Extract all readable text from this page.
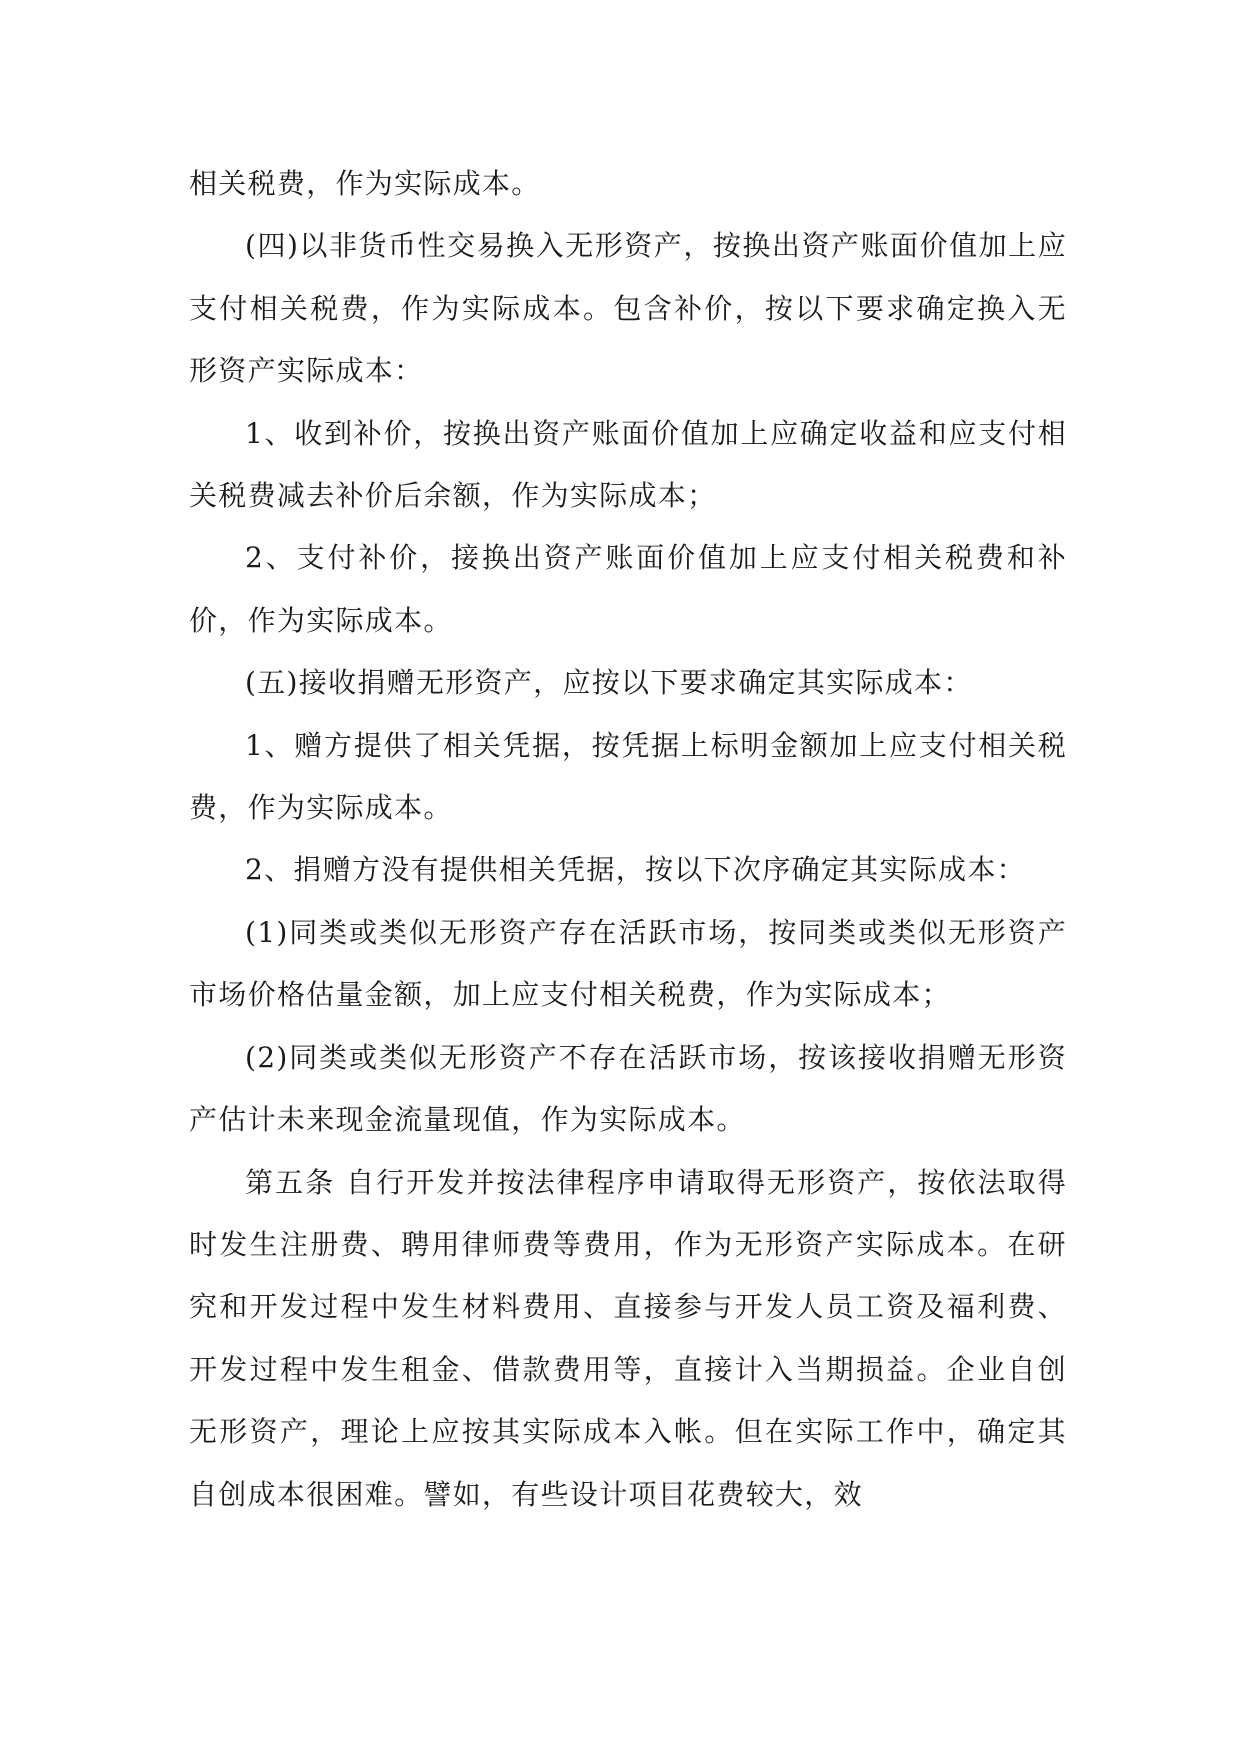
相关税费，作为实际成本。

(四)以非货币性交易换入无形资产，按换出资产账面价值加上应支付相关税费，作为实际成本。包含补价，按以下要求确定换入无形资产实际成本：

1、收到补价，按换出资产账面价值加上应确定收益和应支付相关税费减去补价后余额，作为实际成本；

2、支付补价，接换出资产账面价值加上应支付相关税费和补价，作为实际成本。

(五)接收捐赠无形资产，应按以下要求确定其实际成本：

1、赠方提供了相关凭据，按凭据上标明金额加上应支付相关税费，作为实际成本。

2、捐赠方没有提供相关凭据，按以下次序确定其实际成本：

(1)同类或类似无形资产存在活跃市场，按同类或类似无形资产市场价格估量金额，加上应支付相关税费，作为实际成本；

(2)同类或类似无形资产不存在活跃市场，按该接收捐赠无形资产估计未来现金流量现值，作为实际成本。

第五条 自行开发并按法律程序申请取得无形资产，按依法取得时发生注册费、聘用律师费等费用，作为无形资产实际成本。在研究和开发过程中发生材料费用、直接参与开发人员工资及福利费、开发过程中发生租金、借款费用等，直接计入当期损益。企业自创无形资产，理论上应按其实际成本入帐。但在实际工作中，确定其自创成本很困难。譬如，有些设计项目花费较大，效
